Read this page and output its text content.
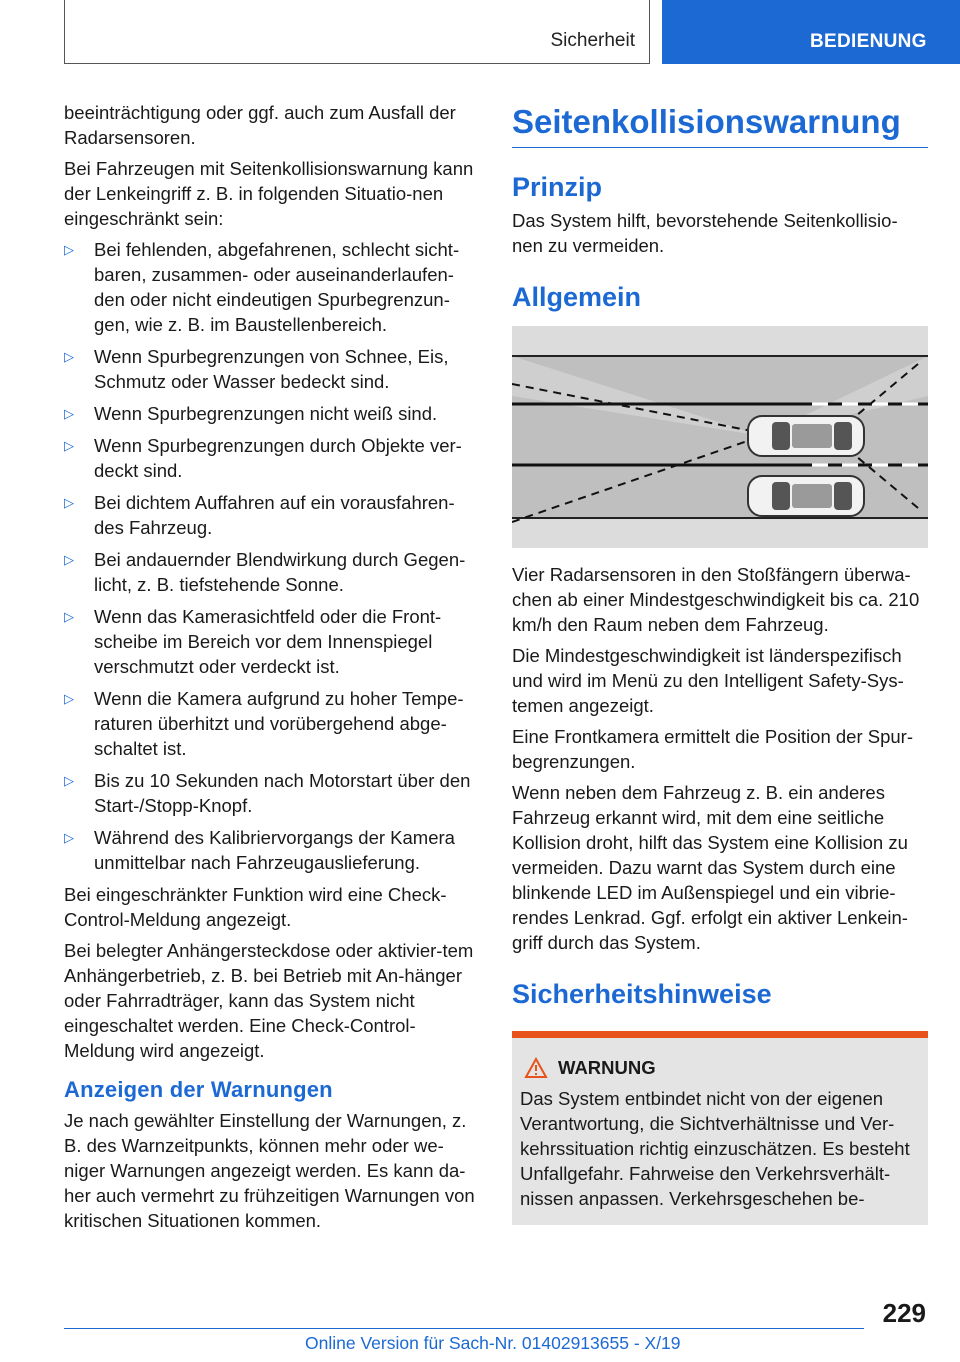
Sicherheit	BEDIENUNG

beeinträchtigung oder ggf. auch zum Ausfall der Radarsensoren.

Bei Fahrzeugen mit Seitenkollisionswarnung kann der Lenkeingriff z. B. in folgenden Situatio‐nen eingeschränkt sein:

▷ Bei fehlenden, abgefahrenen, schlecht sicht‐baren, zusammen- oder auseinanderlaufen‐den oder nicht eindeutigen Spurbegrenzun‐gen, wie z. B. im Baustellenbereich.
▷ Wenn Spurbegrenzungen von Schnee, Eis, Schmutz oder Wasser bedeckt sind.
▷ Wenn Spurbegrenzungen nicht weiß sind.
▷ Wenn Spurbegrenzungen durch Objekte ver‐deckt sind.
▷ Bei dichtem Auffahren auf ein vorausfahren‐des Fahrzeug.
▷ Bei andauernder Blendwirkung durch Gegen‐licht, z. B. tiefstehende Sonne.
▷ Wenn das Kamerasichtfeld oder die Front‐scheibe im Bereich vor dem Innenspiegel verschmutzt oder verdeckt ist.
▷ Wenn die Kamera aufgrund zu hoher Tempe‐raturen überhitzt und vorübergehend abge‐schaltet ist.
▷ Bis zu 10 Sekunden nach Motorstart über den Start-/Stopp-Knopf.
▷ Während des Kalibriervorgangs der Kamera unmittelbar nach Fahrzeugauslieferung.

Bei eingeschränkter Funktion wird eine Check-Control-Meldung angezeigt.

Bei belegter Anhängersteckdose oder aktivier‐tem Anhängerbetrieb, z. B. bei Betrieb mit An‐hänger oder Fahrradträger, kann das System nicht eingeschaltet werden. Eine Check-Control-Meldung wird angezeigt.

Anzeigen der Warnungen

Je nach gewählter Einstellung der Warnungen, z. B. des Warnzeitpunkts, können mehr oder we‐niger Warnungen angezeigt werden. Es kann da‐her auch vermehrt zu frühzeitigen Warnungen von kritischen Situationen kommen.

Seitenkollisionswarnung
Prinzip

Das System hilft, bevorstehende Seitenkollisio‐nen zu vermeiden.

Allgemein

Vier Radarsensoren in den Stoßfängern überwa‐chen ab einer Mindestgeschwindigkeit bis ca. 210 km/h den Raum neben dem Fahrzeug.

Die Mindestgeschwindigkeit ist länderspezifisch und wird im Menü zu den Intelligent Safety-Sys‐temen angezeigt.

Eine Frontkamera ermittelt die Position der Spur‐begrenzungen.

Wenn neben dem Fahrzeug z. B. ein anderes Fahrzeug erkannt wird, mit dem eine seitliche Kollision droht, hilft das System eine Kollision zu vermeiden. Dazu warnt das System durch eine blinkende LED im Außenspiegel und ein vibrie‐rendes Lenkrad. Ggf. erfolgt ein aktiver Lenkein‐griff durch das System.

Sicherheitshinweise
WARNUNG

Das System entbindet nicht von der eigenen Verantwortung, die Sichtverhältnisse und Ver‐kehrssituation richtig einzuschätzen. Es besteht Unfallgefahr. Fahrweise den Verkehrsverhält‐nissen anpassen. Verkehrsgeschehen be‐

229
Online Version für Sach-Nr. 01402913655 - X/19
